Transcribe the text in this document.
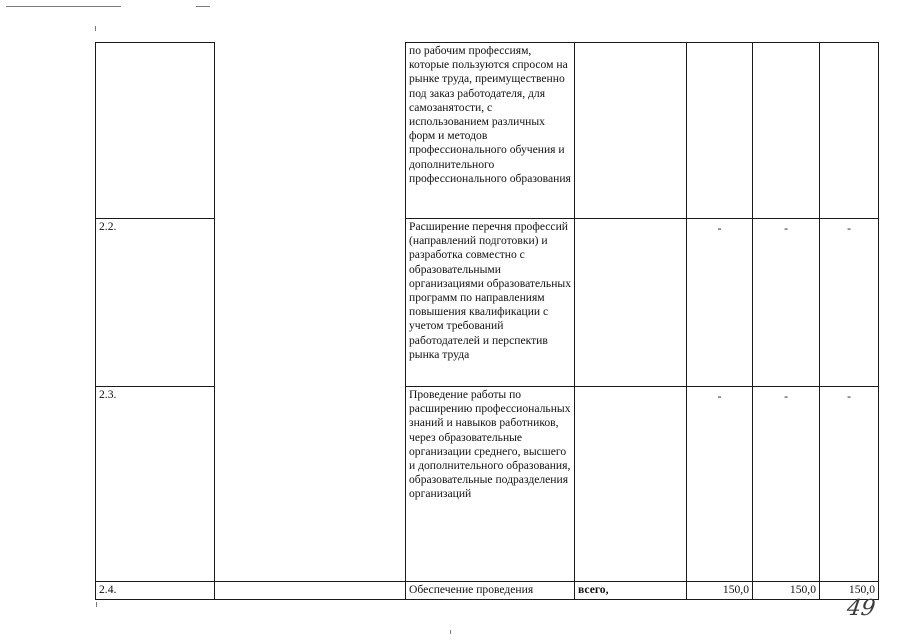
		по рабочим профессиям, которые пользуются спросом на рынке труда, преимущественно под заказ работодателя, для самозанятости, с использованием различных форм и методов профессионального обучения и дополнительного профессионального образования				
2.2.		Расширение перечня профессий (направлений подготовки) и разработка совместно с образовательными организациями образовательных программ по направлениям повышения квалификации с учетом требований работодателей и перспектив рынка труда		-	-	-
2.3.		Проведение работы по расширению профессиональных знаний и навыков работников, через образовательные организации среднего, высшего и дополнительного образования, образовательные подразделения организаций		-	-	-
2.4.		Обеспечение проведения	всего,	150,0	150,0	150,0
49
